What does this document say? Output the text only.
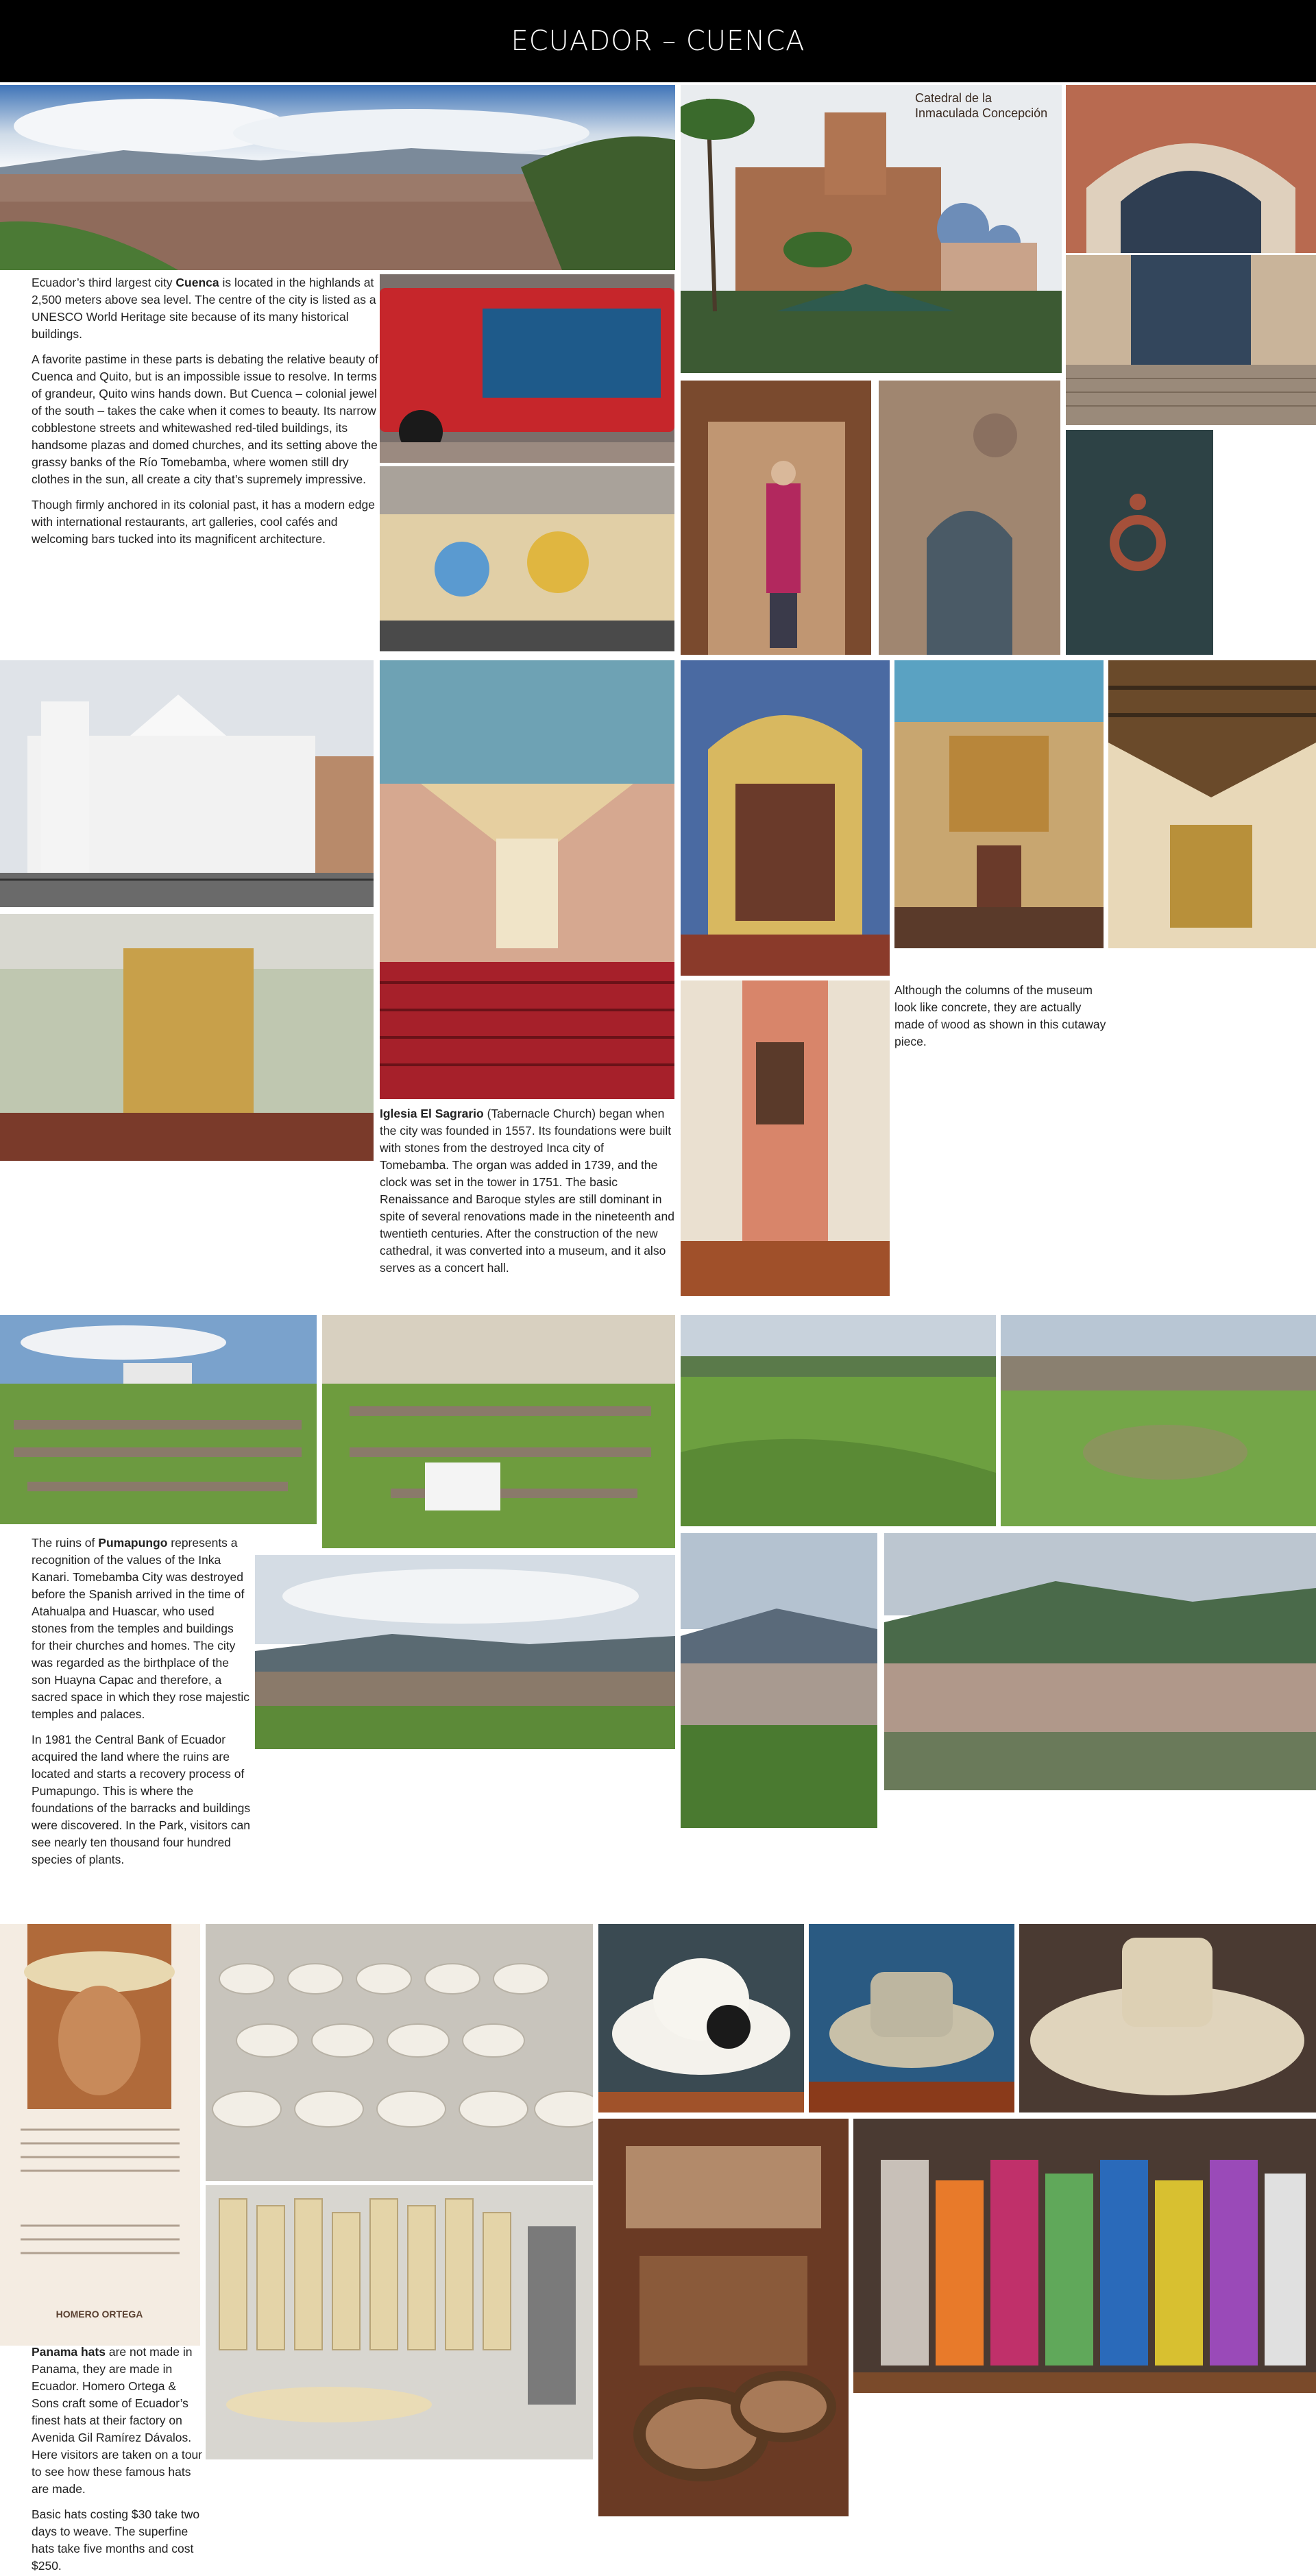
ECUADOR – CUENCA
Catedral de la Inmaculada Concepción

Ecuador’s third largest city Cuenca is located in the highlands at 2,500 meters above sea level. The centre of the city is listed as a UNESCO World Heritage site because of its many historical buildings.

A favorite pastime in these parts is debating the relative beauty of Cuenca and Quito, but is an impossible issue to resolve. In terms of grandeur, Quito wins hands down. But Cuenca – colonial jewel of the south – takes the cake when it comes to beauty. Its narrow cobblestone streets and whitewashed red-tiled buildings, its handsome plazas and domed churches, and its setting above the grassy banks of the Río Tomebamba, where women still dry clothes in the sun, all create a city that’s supremely impressive.

Though firmly anchored in its colonial past, it has a modern edge with international restaurants, art galleries, cool cafés and welcoming bars tucked into its magnificent architecture.

Iglesia El Sagrario (Tabernacle Church) began when the city was founded in 1557. Its foundations were built with stones from the destroyed Inca city of Tomebamba. The organ was added in 1739, and the clock was set in the tower in 1751. The basic Renaissance and Baroque styles are still dominant in spite of several renovations made in the nineteenth and twentieth centuries. After the construction of the new cathedral, it was converted into a museum, and it also serves as a concert hall.

Although the columns of the museum look like concrete, they are actually made of wood as shown in this cutaway piece.

The ruins of Pumapungo represents a recognition of the values of the Inka Kanari. Tomebamba City was destroyed before the Spanish arrived in the time of Atahualpa and Huascar, who used stones from the temples and buildings for their churches and homes. The city was regarded as the birthplace of the son Huayna Capac and therefore, a sacred space in which they rose majestic temples and palaces.

In 1981 the Central Bank of Ecuador acquired the land where the ruins are located and starts a recovery process of Pumapungo. This is where the foundations of the barracks and buildings were discovered. In the Park, visitors can see nearly ten thousand four hundred species of plants.

HOMERO ORTEGA

Panama hats are not made in Panama, they are made in Ecuador. Homero Ortega & Sons craft some of Ecuador’s finest hats at their factory on Avenida Gil Ramírez Dávalos. Here visitors are taken on a tour to see how these famous hats are made.

Basic hats costing $30 take two days to weave. The superfine hats take five months and cost $250.
